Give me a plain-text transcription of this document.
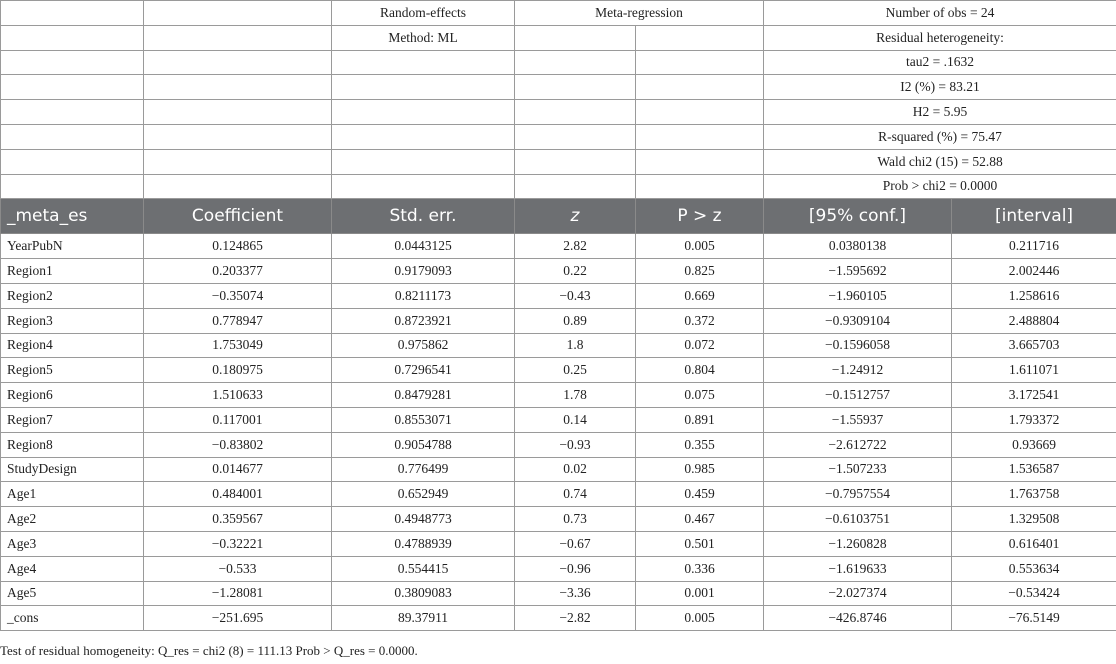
		Random-effects	Meta-regression		Number of obs = 24	
		Method: ML			Residual heterogeneity:	
					tau2 = .1632	
					I2 (%) = 83.21	
					H2 = 5.95	
					R-squared (%) = 75.47	
					Wald chi2 (15) = 52.88	
					Prob > chi2 = 0.0000	
_meta_es	Coefficient	Std. err.	z	P > z	[95% conf.]	[interval]
YearPubN	0.124865	0.0443125	2.82	0.005	0.0380138	0.211716
Region1	0.203377	0.9179093	0.22	0.825	−1.595692	2.002446
Region2	−0.35074	0.8211173	−0.43	0.669	−1.960105	1.258616
Region3	0.778947	0.8723921	0.89	0.372	−0.9309104	2.488804
Region4	1.753049	0.975862	1.8	0.072	−0.1596058	3.665703
Region5	0.180975	0.7296541	0.25	0.804	−1.24912	1.611071
Region6	1.510633	0.8479281	1.78	0.075	−0.1512757	3.172541
Region7	0.117001	0.8553071	0.14	0.891	−1.55937	1.793372
Region8	−0.83802	0.9054788	−0.93	0.355	−2.612722	0.93669
StudyDesign	0.014677	0.776499	0.02	0.985	−1.507233	1.536587
Age1	0.484001	0.652949	0.74	0.459	−0.7957554	1.763758
Age2	0.359567	0.4948773	0.73	0.467	−0.6103751	1.329508
Age3	−0.32221	0.4788939	−0.67	0.501	−1.260828	0.616401
Age4	−0.533	0.554415	−0.96	0.336	−1.619633	0.553634
Age5	−1.28081	0.3809083	−3.36	0.001	−2.027374	−0.53424
_cons	−251.695	89.37911	−2.82	0.005	−426.8746	−76.5149
Test of residual homogeneity: Q_res = chi2 (8) = 111.13 Prob > Q_res = 0.0000.
